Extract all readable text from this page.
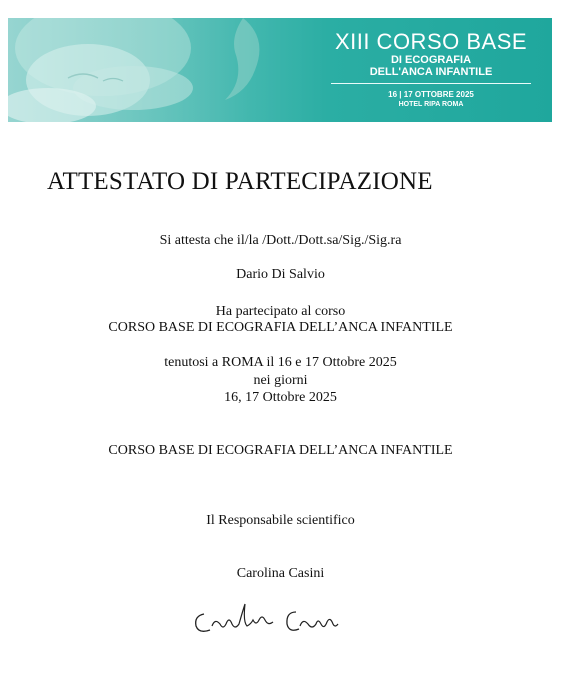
XIII CORSO BASE
DI ECOGRAFIA
DELL'ANCA INFANTILE
16 | 17 OTTOBRE 2025
HOTEL RIPA ROMA
ATTESTATO DI PARTECIPAZIONE
Si attesta che il/la /Dott./Dott.sa/Sig./Sig.ra
Dario Di Salvio
Ha partecipato al corso
CORSO BASE DI ECOGRAFIA DELL’ANCA INFANTILE
tenutosi a ROMA il 16 e 17 Ottobre 2025
nei giorni
16, 17 Ottobre 2025
CORSO BASE DI ECOGRAFIA DELL’ANCA INFANTILE
Il Responsabile scientifico
Carolina Casini
